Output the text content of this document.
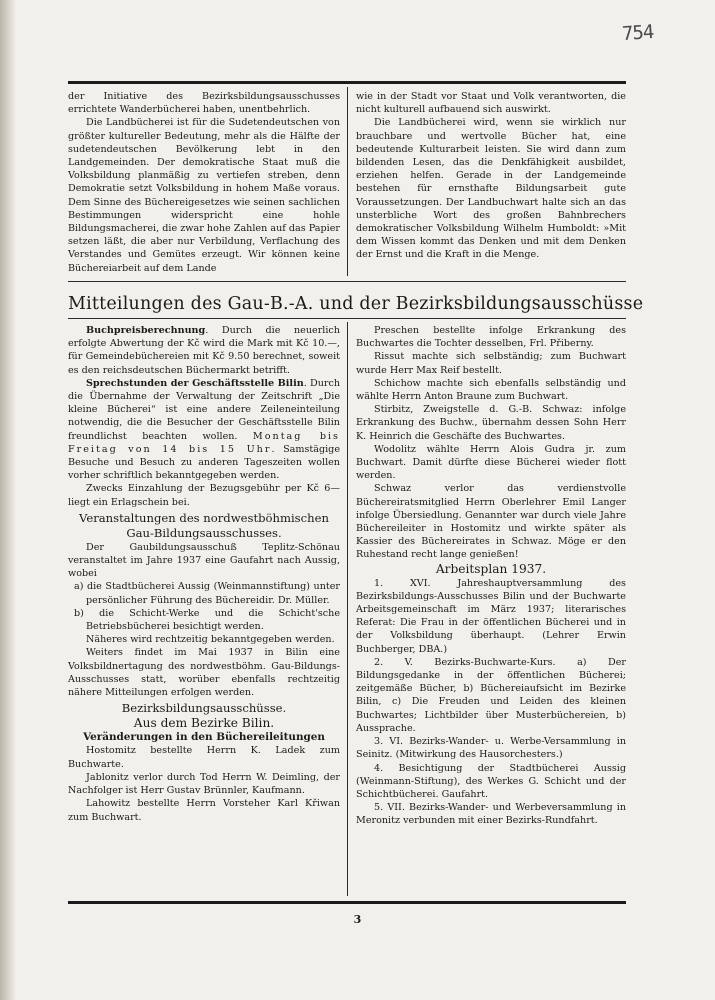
754

der Initiative des Bezirksbildungsausschusses errichtete Wanderbücherei haben, unentbehrlich.

Die Landbücherei ist für die Sudetendeutschen von größter kultureller Bedeutung, mehr als die Hälfte der sudetendeutschen Bevölkerung lebt in den Landgemeinden. Der demokratische Staat muß die Volksbildung planmäßig zu vertiefen streben, denn Demokratie setzt Volksbildung in hohem Maße voraus. Dem Sinne des Büchereigesetzes wie seinen sachlichen Bestimmungen widerspricht eine hohle Bildungsmacherei, die zwar hohe Zahlen auf das Papier setzen läßt, die aber nur Verbildung, Verflachung des Verstandes und Gemütes erzeugt. Wir können keine Büchereiarbeit auf dem Lande

wie in der Stadt vor Staat und Volk verantworten, die nicht kulturell aufbauend sich auswirkt.

Die Landbücherei wird, wenn sie wirklich nur brauchbare und wertvolle Bücher hat, eine bedeutende Kulturarbeit leisten. Sie wird dann zum bildenden Lesen, das die Denkfähigkeit ausbildet, erziehen helfen. Gerade in der Landgemeinde bestehen für ernsthafte Bildungsarbeit gute Voraussetzungen. Der Landbuchwart halte sich an das unsterbliche Wort des großen Bahnbrechers demokratischer Volksbildung Wilhelm Humboldt: »Mit dem Wissen kommt das Denken und mit dem Denken der Ernst und die Kraft in die Menge.

Mitteilungen des Gau-B.-A. und der Bezirksbildungsausschüsse

Buchpreisberechnung. Durch die neuerlich erfolgte Abwertung der Kč wird die Mark mit Kč 10.—, für Gemeindebüchereien mit Kč 9.50 berechnet, soweit es den reichsdeutschen Büchermarkt betrifft.

Sprechstunden der Geschäftsstelle Bilin. Durch die Übernahme der Verwaltung der Zeitschrift „Die kleine Bücherei“ ist eine andere Zeileneinteilung notwendig, die die Besucher der Geschäftsstelle Bilin freundlichst beachten wollen. Montag bis Freitag von 14 bis 15 Uhr. Samstägige Besuche und Besuch zu anderen Tageszeiten wollen vorher schriftlich bekanntgegeben werden.

Zwecks Einzahlung der Bezugsgebühr per Kč 6— liegt ein Erlagschein bei.

Veranstaltungen des nordwestböhmischen Gau-Bildungsausschusses.

Der Gaubildungsausschuß Teplitz-Schönau veranstaltet im Jahre 1937 eine Gaufahrt nach Aussig, wobei

a) die Stadtbücherei Aussig (Weinmannstiftung) unter persönlicher Führung des Büchereidir. Dr. Müller.

b) die Schicht-Werke und die Schicht'sche Betriebsbücherei besichtigt werden.

Näheres wird rechtzeitig bekanntgegeben werden.

Weiters findet im Mai 1937 in Bilin eine Volksbildnertagung des nordwestböhm. Gau-Bildungs-Ausschusses statt, worüber ebenfalls rechtzeitig nähere Mitteilungen erfolgen werden.

Bezirksbildungsausschüsse.

Aus dem Bezirke Bilin.

Veränderungen in den Büchereileitungen

Hostomitz bestellte Herrn K. Ladek zum Buchwarte.

Jablonitz verlor durch Tod Herrn W. Deimling, der Nachfolger ist Herr Gustav Brünnler, Kaufmann.

Lahowitz bestellte Herrn Vorsteher Karl Křiwan zum Buchwart.

Preschen bestellte infolge Erkrankung des Buchwartes die Tochter desselben, Frl. Přiberny.

Rissut machte sich selbständig; zum Buchwart wurde Herr Max Reif bestellt.

Schichow machte sich ebenfalls selbständig und wählte Herrn Anton Braune zum Buchwart.

Stirbitz, Zweigstelle d. G.-B. Schwaz: infolge Erkrankung des Buchw., übernahm dessen Sohn Herr K. Heinrich die Geschäfte des Buchwartes.

Wodolitz wählte Herrn Alois Gudra jr. zum Buchwart. Damit dürfte diese Bücherei wieder flott werden.

Schwaz verlor das verdienstvolle Büchereiratsmitglied Herrn Oberlehrer Emil Langer infolge Übersiedlung. Genannter war durch viele Jahre Büchereileiter in Hostomitz und wirkte später als Kassier des Büchereirates in Schwaz. Möge er den Ruhestand recht lange genießen!

Arbeitsplan 1937.

1. XVI. Jahreshauptversammlung des Bezirksbildungs-Ausschusses Bilin und der Buchwarte Arbeitsgemeinschaft im März 1937; literarisches Referat: Die Frau in der öffentlichen Bücherei und in der Volksbildung überhaupt. (Lehrer Erwin Buchberger, DBA.)

2. V. Bezirks-Buchwarte-Kurs. a) Der Bildungsgedanke in der öffentlichen Bücherei; zeitgemäße Bücher, b) Büchereiaufsicht im Bezirke Bilin, c) Die Freuden und Leiden des kleinen Buchwartes; Lichtbilder über Musterbüchereien, b) Aussprache.

3. VI. Bezirks-Wander- u. Werbe-Versammlung in Seinitz. (Mitwirkung des Hausorchesters.)

4. Besichtigung der Stadtbücherei Aussig (Weinmann-Stiftung), des Werkes G. Schicht und der Schichtbücherei. Gaufahrt.

5. VII. Bezirks-Wander- und Werbeversammlung in Meronitz verbunden mit einer Bezirks-Rundfahrt.

3
